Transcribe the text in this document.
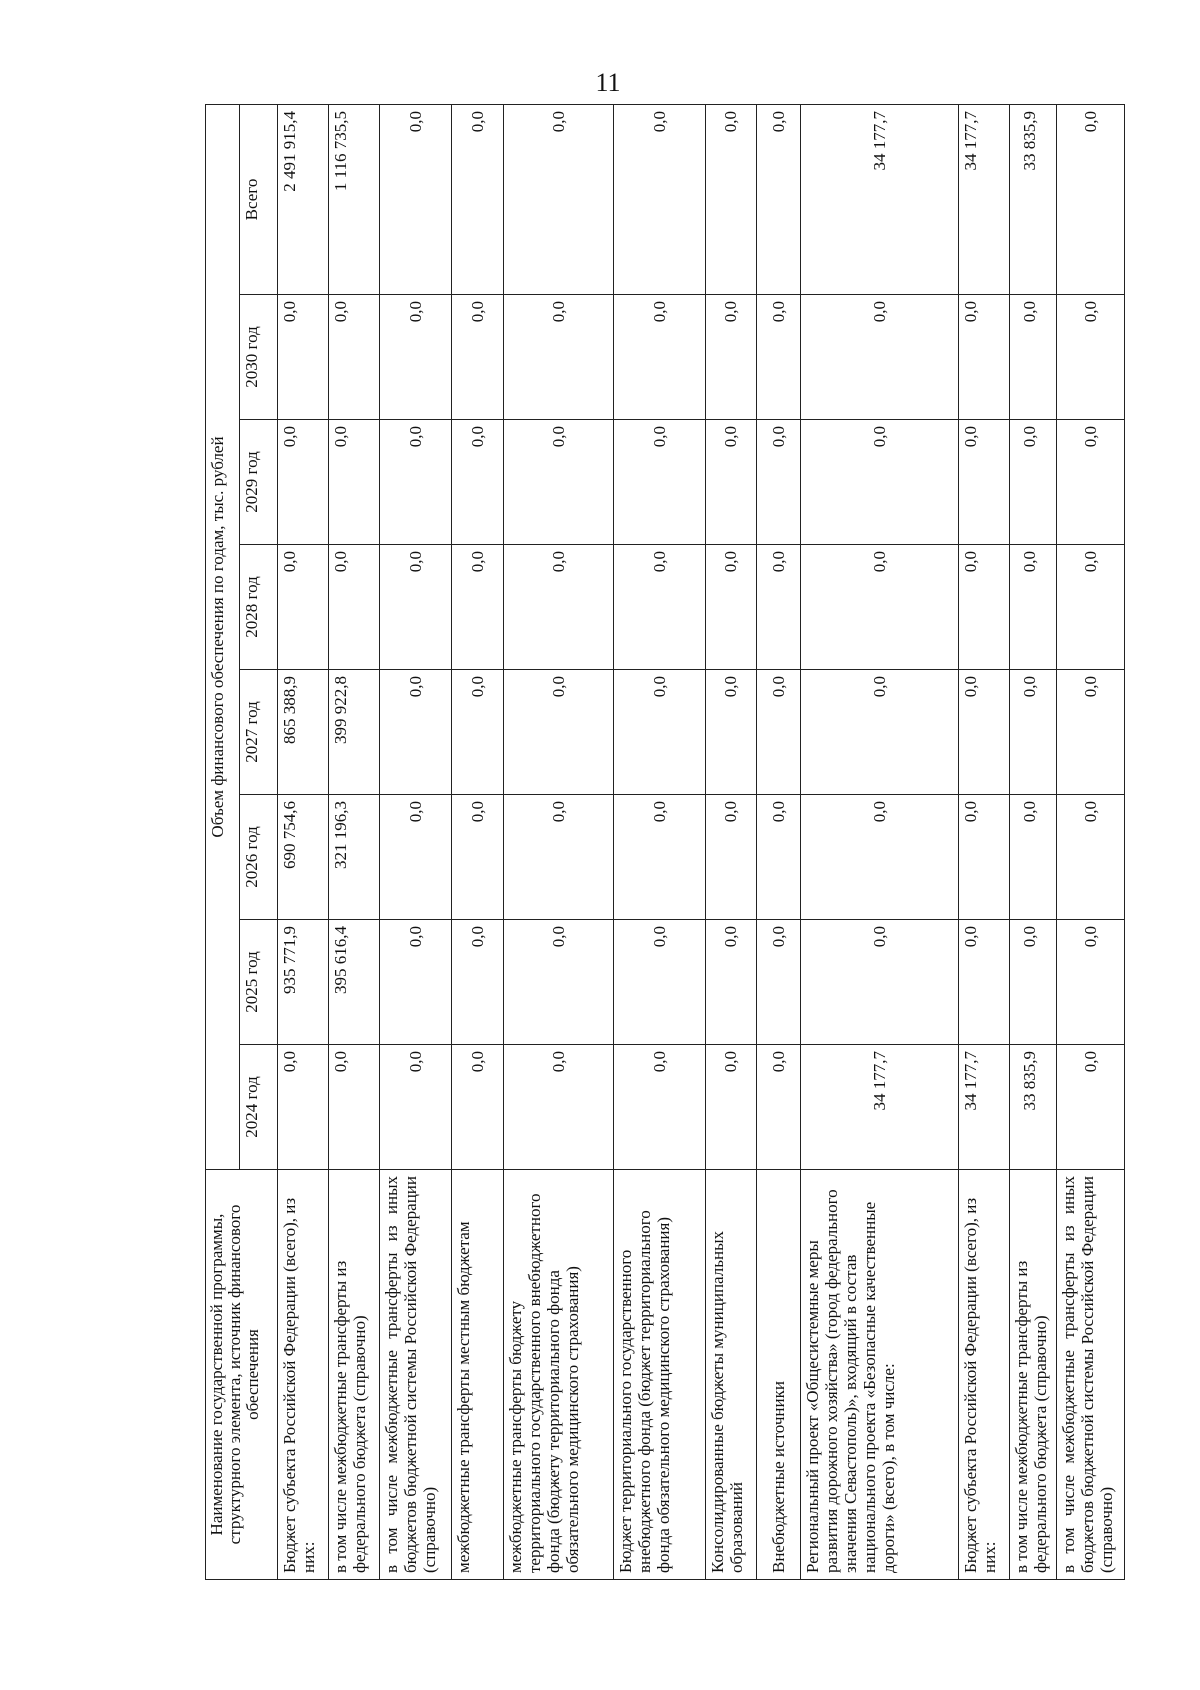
11
Наименование государственной программы, структурного элемента, источник финансового обеспечения	Объем финансового обеспечения по годам, тыс. рублей							
	2024 год	2025 год	2026 год	2027 год	2028 год	2029 год	2030 год	Всего
Бюджет субъекта Российской Федерации (всего), из них:	0,0	935 771,9	690 754,6	865 388,9	0,0	0,0	0,0	2 491 915,4
в том числе межбюджетные трансферты из федерального бюджета (справочно)	0,0	395 616,4	321 196,3	399 922,8	0,0	0,0	0,0	1 116 735,5
в том числе межбюджетные трансферты из иных бюджетов бюджетной системы Российской Федерации (справочно)	0,0	0,0	0,0	0,0	0,0	0,0	0,0	0,0
межбюджетные трансферты местным бюджетам	0,0	0,0	0,0	0,0	0,0	0,0	0,0	0,0
межбюджетные трансферты бюджету территориального государственного внебюджетного фонда (бюджету территориального фонда обязательного медицинского страхования)	0,0	0,0	0,0	0,0	0,0	0,0	0,0	0,0
Бюджет территориального государственного внебюджетного фонда (бюджет территориального фонда обязательного медицинского страхования)	0,0	0,0	0,0	0,0	0,0	0,0	0,0	0,0
Консолидированные бюджеты муниципальных образований	0,0	0,0	0,0	0,0	0,0	0,0	0,0	0,0
Внебюджетные источники	0,0	0,0	0,0	0,0	0,0	0,0	0,0	0,0
Региональный проект «Общесистемные меры развития дорожного хозяйства» (город федерального значения Севастополь)», входящий в состав национального проекта «Безопасные качественные дороги» (всего), в том числе:	34 177,7	0,0	0,0	0,0	0,0	0,0	0,0	34 177,7
Бюджет субъекта Российской Федерации (всего), из них:	34 177,7	0,0	0,0	0,0	0,0	0,0	0,0	34 177,7
в том числе межбюджетные трансферты из федерального бюджета (справочно)	33 835,9	0,0	0,0	0,0	0,0	0,0	0,0	33 835,9
в том числе межбюджетные трансферты из иных бюджетов бюджетной системы Российской Федерации (справочно)	0,0	0,0	0,0	0,0	0,0	0,0	0,0	0,0
